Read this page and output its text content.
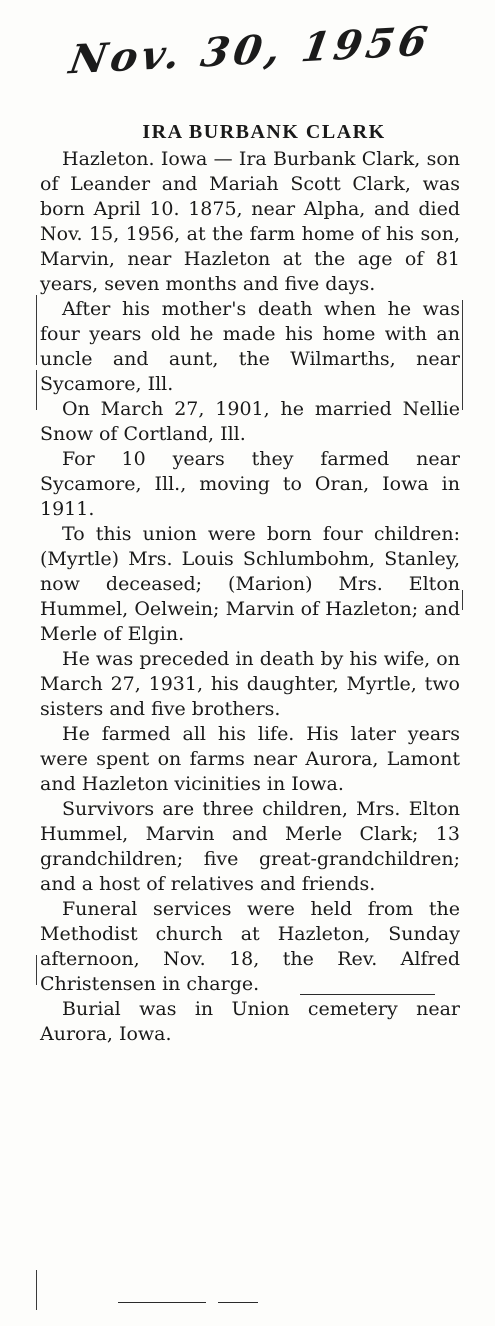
Nov. 30, 1956
IRA BURBANK CLARK

Hazleton. Iowa — Ira Burbank Clark, son of Leander and Mariah Scott Clark, was born April 10. 1875, near Alpha, and died Nov. 15, 1956, at the farm home of his son, Marvin, near Hazleton at the age of 81 years, seven months and five days.

After his mother's death when he was four years old he made his home with an uncle and aunt, the Wilmarths, near Sycamore, Ill.

On March 27, 1901, he married Nellie Snow of Cortland, Ill.

For 10 years they farmed near Sycamore, Ill., moving to Oran, Iowa in 1911.

To this union were born four children: (Myrtle) Mrs. Louis Schlumbohm, Stanley, now deceased; (Marion) Mrs. Elton Hummel, Oelwein; Marvin of Hazleton; and Merle of Elgin.

He was preceded in death by his wife, on March 27, 1931, his daughter, Myrtle, two sisters and five brothers.

He farmed all his life. His later years were spent on farms near Aurora, Lamont and Hazleton vicinities in Iowa.

Survivors are three children, Mrs. Elton Hummel, Marvin and Merle Clark; 13 grandchildren; five great-grandchildren; and a host of relatives and friends.

Funeral services were held from the Methodist church at Hazleton, Sunday afternoon, Nov. 18, the Rev. Alfred Christensen in charge.

Burial was in Union cemetery near Aurora, Iowa.
